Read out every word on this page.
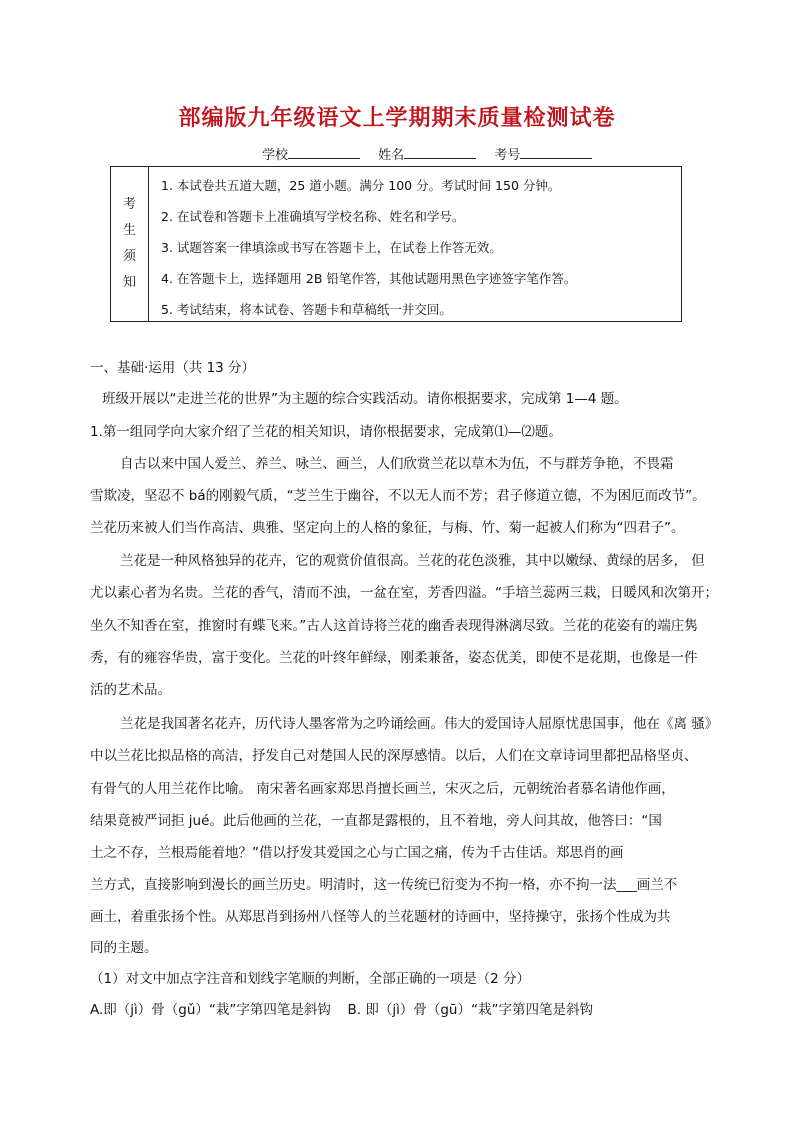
部编版九年级语文上学期期末质量检测试卷
学校	姓名	考号
考
生
须
知
1. 本试卷共五道大题，25 道小题。满分 100 分。考试时间 150 分钟。
2. 在试卷和答题卡上准确填写学校名称、姓名和学号。
3. 试题答案一律填涂或书写在答题卡上，在试卷上作答无效。
4. 在答题卡上，选择题用 2B 铅笔作答，其他试题用黑色字迹签字笔作答。
5. 考试结束，将本试卷、答题卡和草稿纸一并交回。
一、基础·运用（共 13 分）
班级开展以“走进兰花的世界”为主题的综合实践活动。请你根据要求，完成第 1—4 题。
1.第一组同学向大家介绍了兰花的相关知识，请你根据要求，完成第⑴—⑵题。
自古以来中国人爱兰、养兰、咏兰、画兰，人们欣赏兰花以草木为伍，不与群芳争艳，不畏霜
雪欺凌，坚忍不 bá的刚毅气质，“芝兰生于幽谷，不以无人而不芳；君子修道立德，不为困厄而改节”。
兰花历来被人们当作高洁、典雅、坚定向上的人格的象征，与梅、竹、菊一起被人们称为“四君子”。
兰花是一种风格独异的花卉，它的观赏价值很高。兰花的花色淡雅，其中以嫩绿、黄绿的居多， 但
尤以素心者为名贵。兰花的香气，清而不浊，一盆在室，芳香四溢。“手培兰蕊两三栽，日暖风和次第开；
坐久不知香在室，推窗时有蝶飞来。”古人这首诗将兰花的幽香表现得淋漓尽致。兰花的花姿有的端庄隽
秀，有的雍容华贵，富于变化。兰花的叶终年鲜绿，刚柔兼备，姿态优美，即使不是花期，也像是一件
活的艺术品。
兰花是我国著名花卉，历代诗人墨客常为之吟诵绘画。伟大的爱国诗人屈原忧患国事，他在《离 骚》
中以兰花比拟品格的高洁，抒发自己对楚国人民的深厚感情。以后，人们在文章诗词里都把品格坚贞、
有骨气的人用兰花作比喻。 南宋著名画家郑思肖擅长画兰，宋灭之后，元朝统治者慕名请他作画，
结果竟被严词拒 jué。此后他画的兰花，一直都是露根的，且不着地，旁人问其故，他答曰：“国
土之不存，兰根焉能着地？”借以抒发其爱国之心与亡国之痛，传为千古佳话。郑思肖的画
兰方式，直接影响到漫长的画兰历史。明清时，这一传统已衍变为不拘一格，亦不拘一法___画兰不
画土，着重张扬个性。从郑思肖到扬州八怪等人的兰花题材的诗画中，坚持操守，张扬个性成为共
同的主题。
（1）对文中加点字注音和划线字笔顺的判断，全部正确的一项是（2 分）
A.即（jì）骨（gǔ）“栽”字第四笔是斜钩 B. 即（jì）骨（gū）“栽”字第四笔是斜钩
